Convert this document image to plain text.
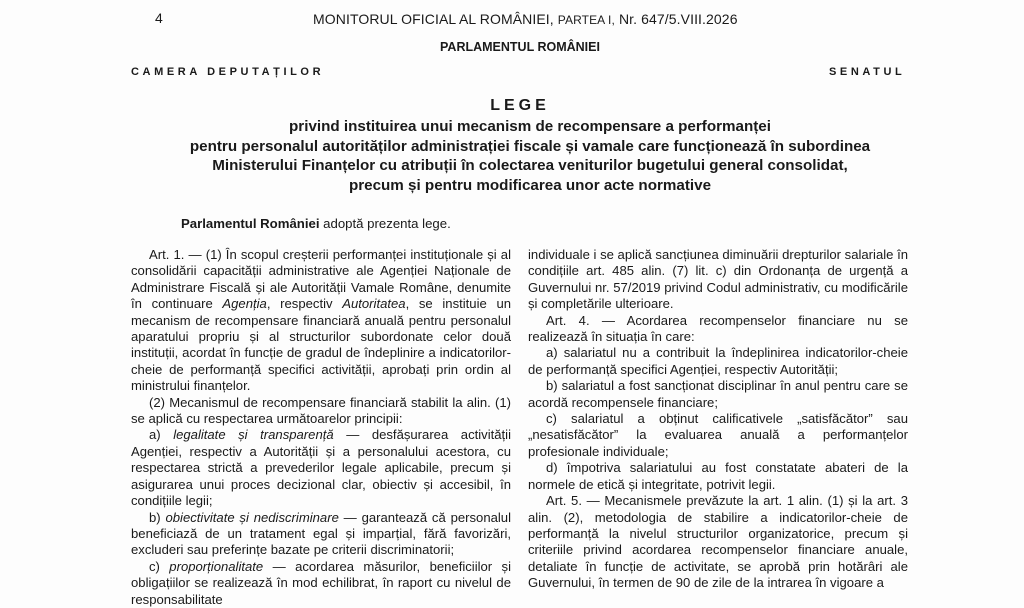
4	MONITORUL OFICIAL AL ROMÂNIEI, PARTEA I, Nr. 647/5.VIII.2026
PARLAMENTUL ROMÂNIEI
CAMERA DEPUTAȚILOR	SENATUL
LEGE
privind instituirea unui mecanism de recompensare a performanței
pentru personalul autorităților administrației fiscale și vamale care funcționează în subordinea
Ministerului Finanțelor cu atribuții în colectarea veniturilor bugetului general consolidat,
precum și pentru modificarea unor acte normative
Parlamentul României adoptă prezenta lege.

Art. 1. — (1) În scopul creșterii performanței instituționale și al consolidării capacității administrative ale Agenției Naționale de Administrare Fiscală și ale Autorității Vamale Române, denumite în continuare Agenția, respectiv Autoritatea, se instituie un mecanism de recompensare financiară anuală pentru personalul aparatului propriu și al structurilor subordonate celor două instituții, acordat în funcție de gradul de îndeplinire a indicatorilor-cheie de performanță specifici activității, aprobați prin ordin al ministrului finanțelor.

(2) Mecanismul de recompensare financiară stabilit la alin. (1) se aplică cu respectarea următoarelor principii:

a) legalitate și transparență — desfășurarea activității Agenției, respectiv a Autorității și a personalului acestora, cu respectarea strictă a prevederilor legale aplicabile, precum și asigurarea unui proces decizional clar, obiectiv și accesibil, în condițiile legii;

b) obiectivitate și nediscriminare — garantează că personalul beneficiază de un tratament egal și imparțial, fără favorizări, excluderi sau preferințe bazate pe criterii discriminatorii;

c) proporționalitate — acordarea măsurilor, beneficiilor și obligațiilor se realizează în mod echilibrat, în raport cu nivelul de responsabilitate

individuale i se aplică sancțiunea diminuării drepturilor salariale în condițiile art. 485 alin. (7) lit. c) din Ordonanța de urgență a Guvernului nr. 57/2019 privind Codul administrativ, cu modificările și completările ulterioare.

Art. 4. — Acordarea recompenselor financiare nu se realizează în situația în care:

a) salariatul nu a contribuit la îndeplinirea indicatorilor-cheie de performanță specifici Agenției, respectiv Autorității;

b) salariatul a fost sancționat disciplinar în anul pentru care se acordă recompensele financiare;

c) salariatul a obținut calificativele „satisfăcător” sau „nesatisfăcător” la evaluarea anuală a performanțelor profesionale individuale;

d) împotriva salariatului au fost constatate abateri de la normele de etică și integritate, potrivit legii.

Art. 5. — Mecanismele prevăzute la art. 1 alin. (1) și la art. 3 alin. (2), metodologia de stabilire a indicatorilor-cheie de performanță la nivelul structurilor organizatorice, precum și criteriile privind acordarea recompenselor financiare anuale, detaliate în funcție de activitate, se aprobă prin hotărâri ale Guvernului, în termen de 90 de zile de la intrarea în vigoare a
